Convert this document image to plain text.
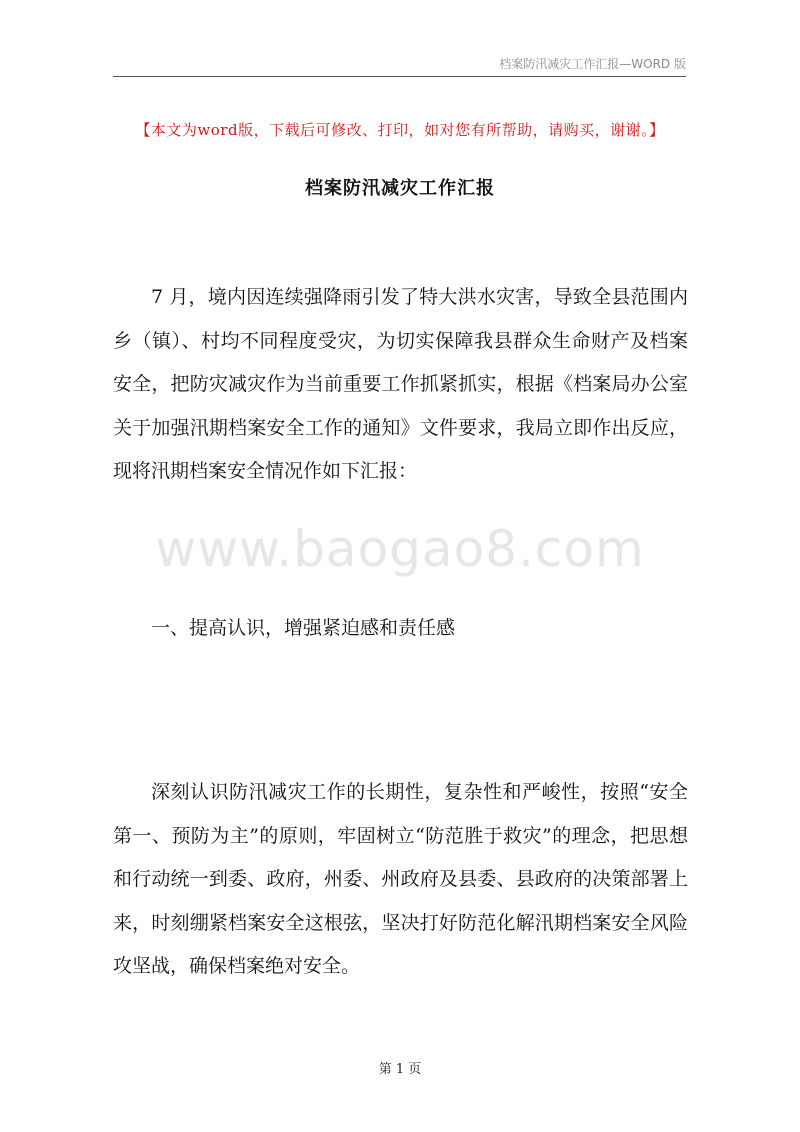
档案防汛减灾工作汇报—WORD 版
【本文为word版，下载后可修改、打印，如对您有所帮助，请购买，谢谢。】
档案防汛减灾工作汇报

7 月，境内因连续强降雨引发了特大洪水灾害，导致全县范围内乡（镇）、村均不同程度受灾，为切实保障我县群众生命财产及档案安全，把防灾减灾作为当前重要工作抓紧抓实，根据《档案局办公室关于加强汛期档案安全工作的通知》文件要求，我局立即作出反应，现将汛期档案安全情况作如下汇报：

www.baogao8.com
一、提高认识，增强紧迫感和责任感

深刻认识防汛减灾工作的长期性，复杂性和严峻性，按照“安全第一、预防为主”的原则，牢固树立“防范胜于救灾”的理念，把思想和行动统一到委、政府，州委、州政府及县委、县政府的决策部署上来，时刻绷紧档案安全这根弦，坚决打好防范化解汛期档案安全风险攻坚战，确保档案绝对安全。

第 1 页
